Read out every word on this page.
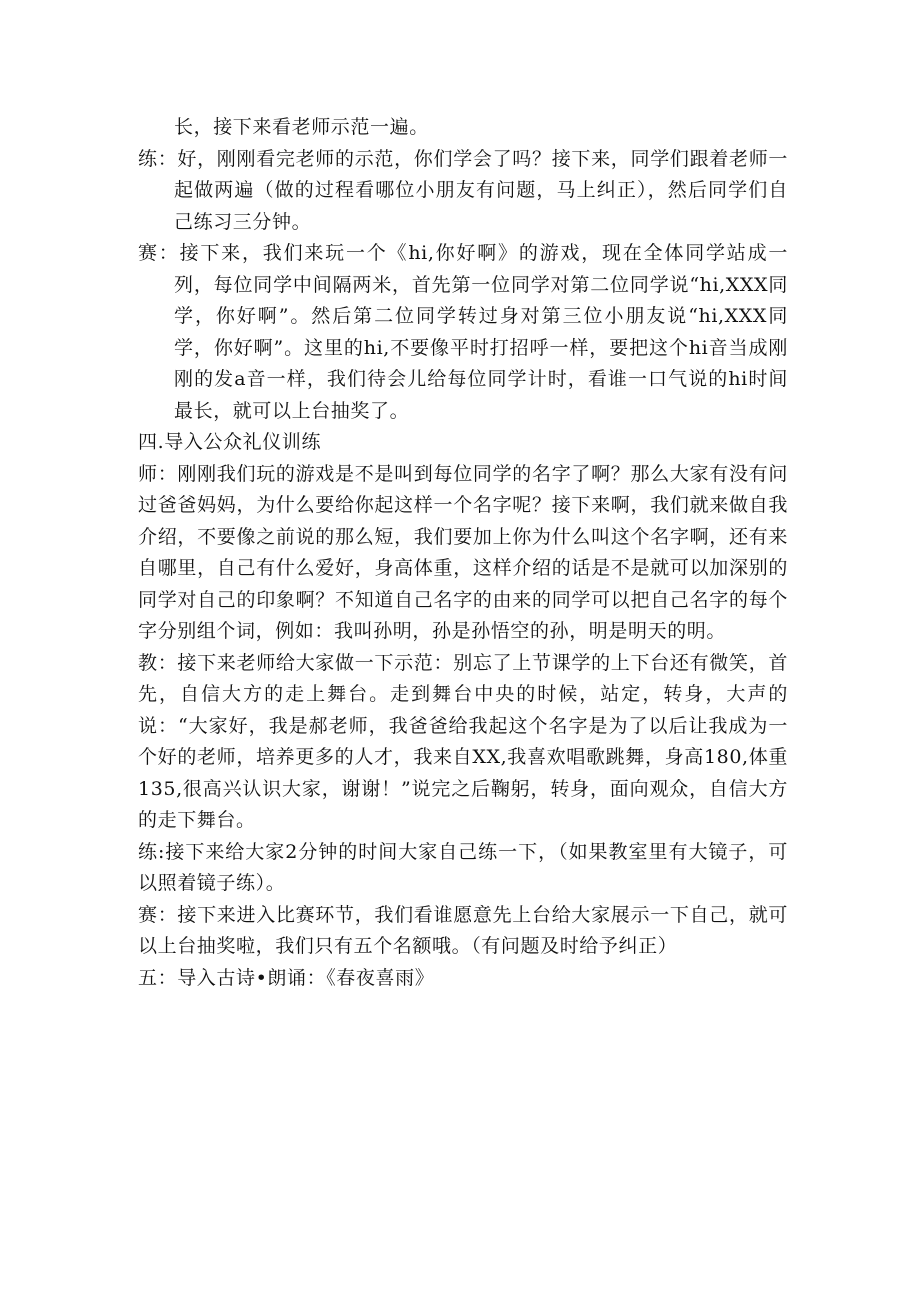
长，接下来看老师示范一遍。

练：好，刚刚看完老师的示范，你们学会了吗？接下来，同学们跟着老师一起做两遍（做的过程看哪位小朋友有问题，马上纠正），然后同学们自己练习三分钟。

赛：接下来，我们来玩一个《hi,你好啊》的游戏，现在全体同学站成一列，每位同学中间隔两米，首先第一位同学对第二位同学说“hi,XXX同学，你好啊”。然后第二位同学转过身对第三位小朋友说“hi,XXX同学，你好啊”。这里的hi,不要像平时打招呼一样，要把这个hi音当成刚刚的发a音一样，我们待会儿给每位同学计时，看谁一口气说的hi时间最长，就可以上台抽奖了。

四.导入公众礼仪训练

师：刚刚我们玩的游戏是不是叫到每位同学的名字了啊？那么大家有没有问过爸爸妈妈，为什么要给你起这样一个名字呢？接下来啊，我们就来做自我介绍，不要像之前说的那么短，我们要加上你为什么叫这个名字啊，还有来自哪里，自己有什么爱好，身高体重，这样介绍的话是不是就可以加深别的同学对自己的印象啊？不知道自己名字的由来的同学可以把自己名字的每个字分别组个词，例如：我叫孙明，孙是孙悟空的孙，明是明天的明。

教：接下来老师给大家做一下示范：别忘了上节课学的上下台还有微笑，首先，自信大方的走上舞台。走到舞台中央的时候，站定，转身，大声的说：“大家好，我是郝老师，我爸爸给我起这个名字是为了以后让我成为一个好的老师，培养更多的人才，我来自XX,我喜欢唱歌跳舞，身高180,体重135,很高兴认识大家，谢谢！”说完之后鞠躬，转身，面向观众，自信大方的走下舞台。

练:接下来给大家2分钟的时间大家自己练一下，（如果教室里有大镜子，可以照着镜子练）。

赛：接下来进入比赛环节，我们看谁愿意先上台给大家展示一下自己，就可以上台抽奖啦，我们只有五个名额哦。（有问题及时给予纠正）

五：导入古诗•朗诵：《春夜喜雨》
